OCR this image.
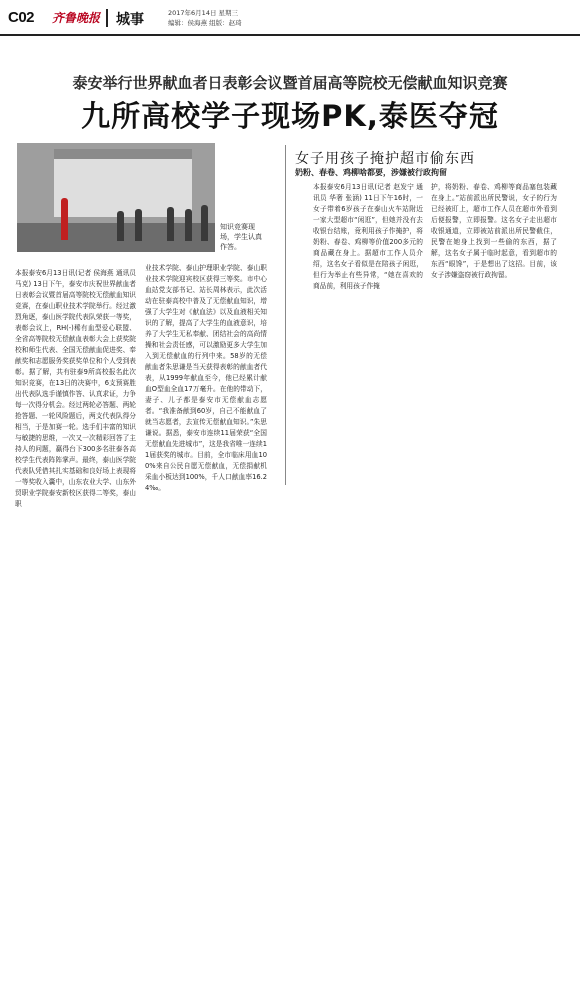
C02 齐鲁晚报 城事	2017年6月14日 星期三
编辑：侯海燕 组版：赵琦
泰安举行世界献血者日表彰会议暨首届高等院校无偿献血知识竞赛
九所高校学子现场PK,泰医夺冠
知识竞赛现场，学生认真作答。
本报泰安6月13日讯(记者 侯海燕 通讯员 马克) 13日下午，泰安市庆祝世界献血者日表彰会议暨首届高等院校无偿献血知识竞赛，在泰山职业技术学院举行。经过激烈角逐，泰山医学院代表队荣获一等奖，表彰会议上，RH(-)稀有血型爱心联盟、全省高等院校无偿献血表彰大会上获奖院校和师生代表、全国无偿献血促进奖、奉献奖和志愿服务奖获奖单位和个人受到表彰。据了解，共有驻泰9所高校报名此次知识竞赛，在13日的决赛中，6支预赛胜出代表队选手谨慎作答、认真求证，力争每一次得分机会。经过两轮必答题、两轮抢答题、一轮风险题后，两支代表队得分相当，于是加赛一轮。选手们丰富的知识与敏捷的思维，一次又一次精彩回答了主持人的问题，赢得台下300多名驻泰各高校学生代表阵阵掌声。最终，泰山医学院代表队凭借其扎实基础和良好场上表现将一等奖收入囊中，山东农业大学、山东外贸职业学院泰安新校区获得二等奖，泰山职
业技术学院、泰山护理职业学院、泰山职业技术学院迎宾校区获得三等奖。市中心血站党支部书记、站长周林表示，此次活动在驻泰高校中普及了无偿献血知识，增强了大学生对《献血法》以及血液相关知识的了解，提高了大学生的血液意识，培养了大学生无私奉献、团结社会的高尚情操和社会责任感，可以激励更多大学生加入到无偿献血的行列中来。58岁的无偿献血者朱思谦是当天获得表彰的献血者代表，从1999年献血至今，他已经累计献血O型血全血17万毫升。在他的带动下，妻子、儿子都是泰安市无偿献血志愿者。“我准备献到60岁，自己不能献血了就当志愿者，去宣传无偿献血知识。”朱思谦说。据悉，泰安市连续11届荣获“全国无偿献血先进城市”，这是我省唯一连续11届获奖的城市。目前，全市临床用血100%来自公民自愿无偿献血，无偿捐献机采血小板达到100%，千人口献血率16.24‰。
女子用孩子掩护超市偷东西
奶粉、春卷、鸡柳啥都要，涉嫌被行政拘留
本报泰安6月13日讯(记者 赵发宁 通讯员 华奢 张涵) 11日下午16时，一女子带着6岁孩子在泰山火车站附近一家大型超市“闲逛”，但她并没有去收银台结账，竟利用孩子作掩护，将奶粉、春卷、鸡柳等价值200多元的商品藏在身上。据超市工作人员介绍，这名女子看似是在陪孩子闲逛，但行为举止有些异常，“她在喜欢的商品前，利用孩子作掩
护，将奶粉、春卷、鸡柳等商品塞包装藏在身上。”站前派出所民警说，女子的行为已经被盯上，超市工作人员在超市外看到后便报警，立即报警。这名女子走出超市收银通道，立即被站前派出所民警截住，民警在她身上找到一些偷的东西，据了解，这名女子属于临时起意，看到超市的东西“眼馋”，于是想出了这招。目前，该女子涉嫌盗窃被行政拘留。
